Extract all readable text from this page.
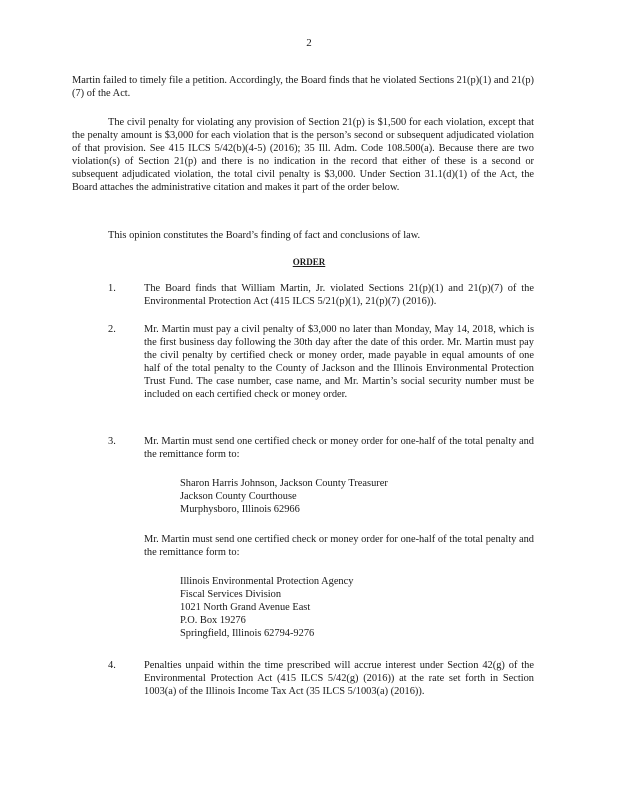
2

Martin failed to timely file a petition. Accordingly, the Board finds that he violated Sections 21(p)(1) and 21(p)(7) of the Act.

The civil penalty for violating any provision of Section 21(p) is $1,500 for each violation, except that the penalty amount is $3,000 for each violation that is the person’s second or subsequent adjudicated violation of that provision. See 415 ILCS 5/42(b)(4-5) (2016); 35 Ill. Adm. Code 108.500(a). Because there are two violation(s) of Section 21(p) and there is no indication in the record that either of these is a second or subsequent adjudicated violation, the total civil penalty is $3,000. Under Section 31.1(d)(1) of the Act, the Board attaches the administrative citation and makes it part of the order below.

This opinion constitutes the Board’s finding of fact and conclusions of law.

ORDER
1.	The Board finds that William Martin, Jr. violated Sections 21(p)(1) and 21(p)(7) of the Environmental Protection Act (415 ILCS 5/21(p)(1), 21(p)(7) (2016)).

2.	Mr. Martin must pay a civil penalty of $3,000 no later than Monday, May 14, 2018, which is the first business day following the 30th day after the date of this order. Mr. Martin must pay the civil penalty by certified check or money order, made payable in equal amounts of one half of the total penalty to the County of Jackson and the Illinois Environmental Protection Trust Fund. The case number, case name, and Mr. Martin’s social security number must be included on each certified check or money order.

3.	Mr. Martin must send one certified check or money order for one-half of the total penalty and the remittance form to:

Sharon Harris Johnson, Jackson County Treasurer
Jackson County Courthouse
Murphysboro, Illinois 62966

Mr. Martin must send one certified check or money order for one-half of the total penalty and the remittance form to:

Illinois Environmental Protection Agency
Fiscal Services Division
1021 North Grand Avenue East
P.O. Box 19276
Springfield, Illinois 62794-9276
4.	Penalties unpaid within the time prescribed will accrue interest under Section 42(g) of the Environmental Protection Act (415 ILCS 5/42(g) (2016)) at the rate set forth in Section 1003(a) of the Illinois Income Tax Act (35 ILCS 5/1003(a) (2016)).
